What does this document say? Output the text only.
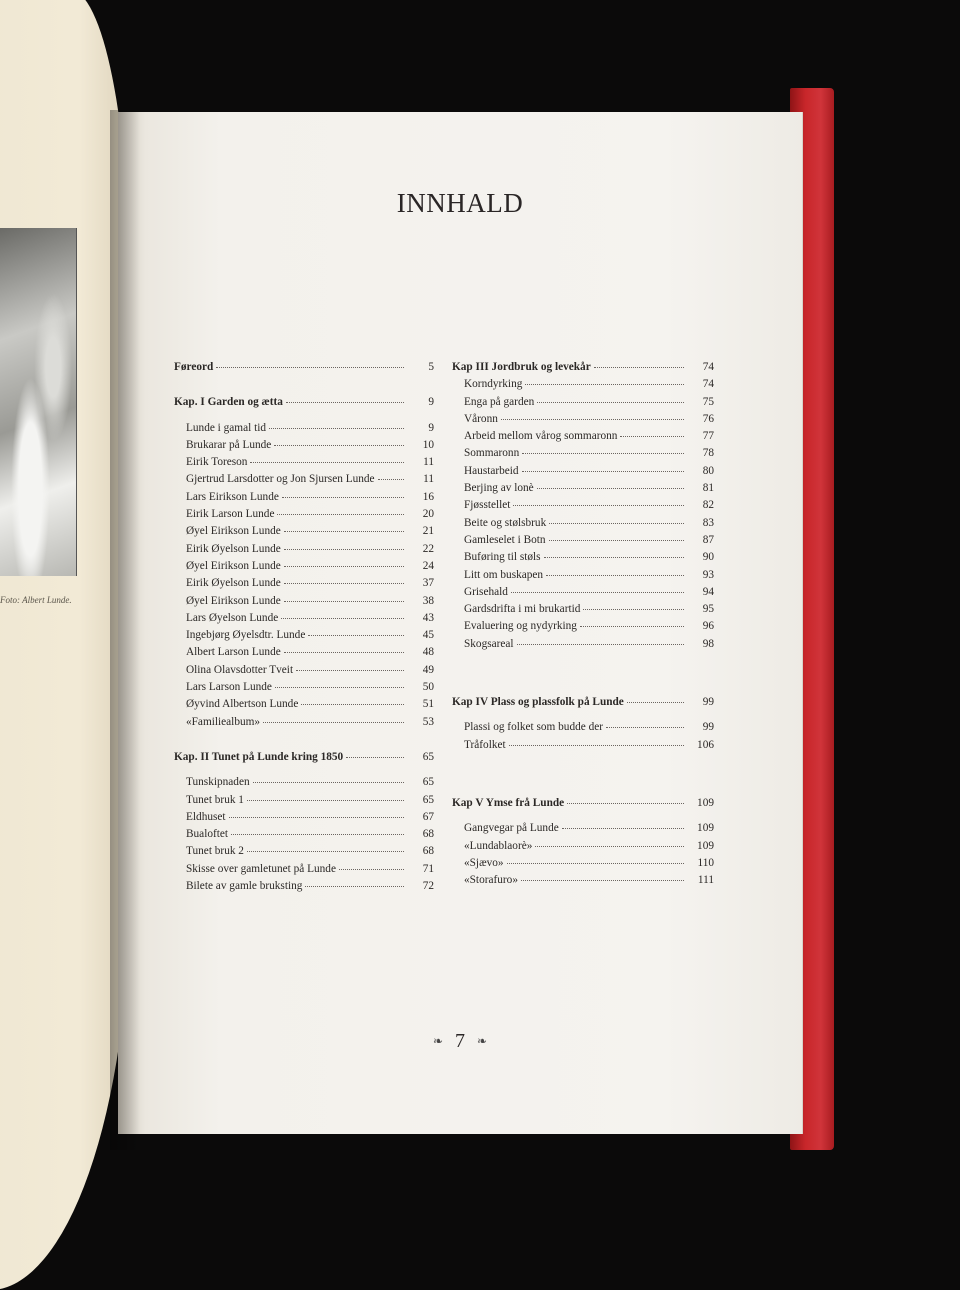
Foto: Albert Lunde.
INNHALD
Føreord	5
Kap. I Garden og ætta	9
Lunde i gamal tid	9
Brukarar på Lunde	10
Eirik Toreson	11
Gjertrud Larsdotter og Jon Sjursen Lunde	11
Lars Eirikson Lunde	16
Eirik Larson Lunde	20
Øyel Eirikson Lunde	21
Eirik Øyelson Lunde	22
Øyel Eirikson Lunde	24
Eirik Øyelson Lunde	37
Øyel Eirikson Lunde	38
Lars Øyelson Lunde	43
Ingebjørg Øyelsdtr. Lunde	45
Albert Larson Lunde	48
Olina Olavsdotter Tveit	49
Lars Larson Lunde	50
Øyvind Albertson Lunde	51
«Familiealbum»	53
Kap. II Tunet på Lunde kring 1850	65
Tunskipnaden	65
Tunet bruk 1	65
Eldhuset	67
Bualoftet	68
Tunet bruk 2	68
Skisse over gamletunet på Lunde	71
Bilete av gamle bruksting	72
Kap III Jordbruk og levekår	74
Korndyrking	74
Enga på garden	75
Våronn	76
Arbeid mellom vårog sommaronn	77
Sommaronn	78
Haustarbeid	80
Berjing av lonè	81
Fjøsstellet	82
Beite og stølsbruk	83
Gamleselet i Botn	87
Buføring til støls	90
Litt om buskapen	93
Grisehald	94
Gardsdrifta i mi brukartid	95
Evaluering og nydyrking	96
Skogsareal	98
Kap IV Plass og plassfolk på Lunde	99
Plassi og folket som budde der	99
Tråfolket	106
Kap V Ymse frå Lunde	109
Gangvegar på Lunde	109
«Lundablaorè»	109
«Sjævo»	110
«Storafuro»	111
❧ 7 ❧
